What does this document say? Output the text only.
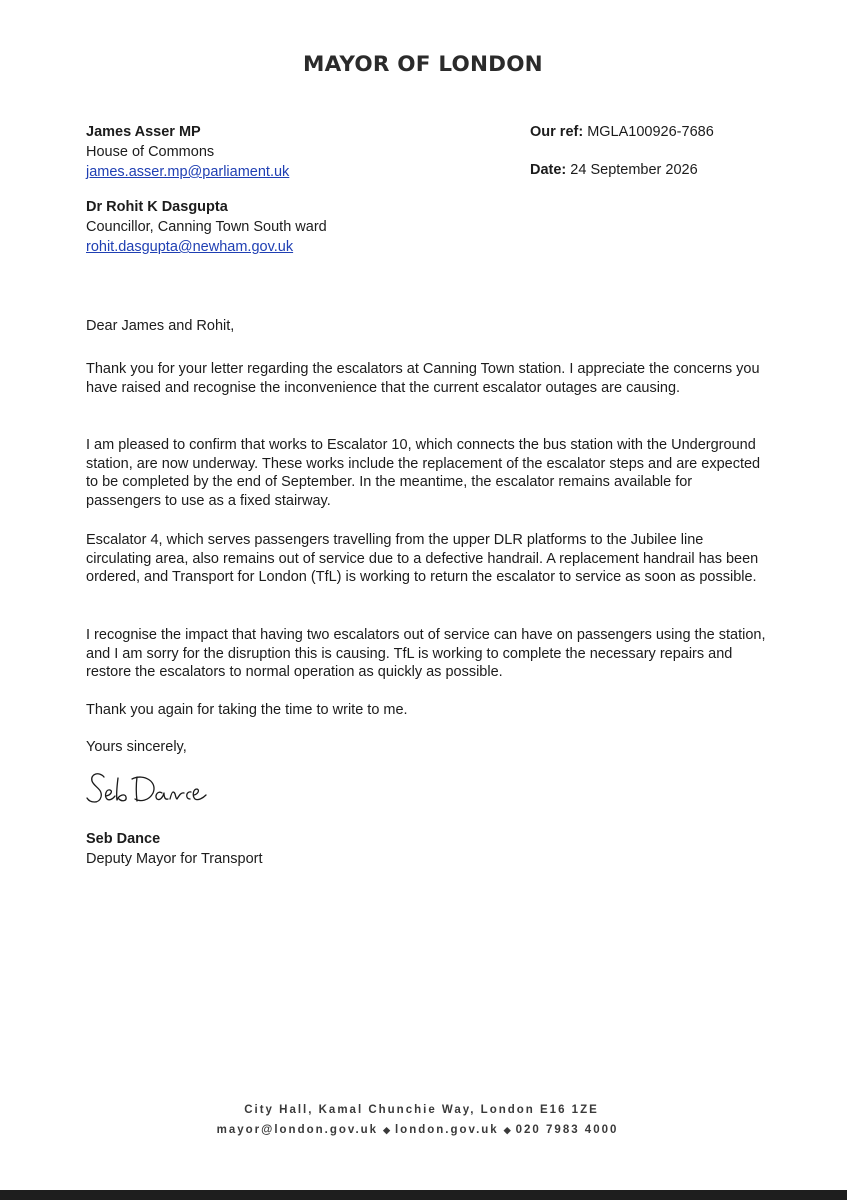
MAYOR OF LONDON
James Asser MP
House of Commons
james.asser.mp@parliament.uk
Dr Rohit K Dasgupta
Councillor, Canning Town South ward
rohit.dasgupta@newham.gov.uk
Our ref: MGLA100926-7686
Date: 24 September 2026

Dear James and Rohit,

Thank you for your letter regarding the escalators at Canning Town station. I appreciate the concerns you have raised and recognise the inconvenience that the current escalator outages are causing.

I am pleased to confirm that works to Escalator 10, which connects the bus station with the Underground station, are now underway. These works include the replacement of the escalator steps and are expected to be completed by the end of September. In the meantime, the escalator remains available for passengers to use as a fixed stairway.

Escalator 4, which serves passengers travelling from the upper DLR platforms to the Jubilee line circulating area, also remains out of service due to a defective handrail. A replacement handrail has been ordered, and Transport for London (TfL) is working to return the escalator to service as soon as possible.

I recognise the impact that having two escalators out of service can have on passengers using the station, and I am sorry for the disruption this is causing. TfL is working to complete the necessary repairs and restore the escalators to normal operation as quickly as possible.

Thank you again for taking the time to write to me.

Yours sincerely,

Seb Dance
Deputy Mayor for Transport
City Hall, Kamal Chunchie Way, London E16 1ZE
mayor@london.gov.uk ◆ london.gov.uk ◆ 020 7983 4000
